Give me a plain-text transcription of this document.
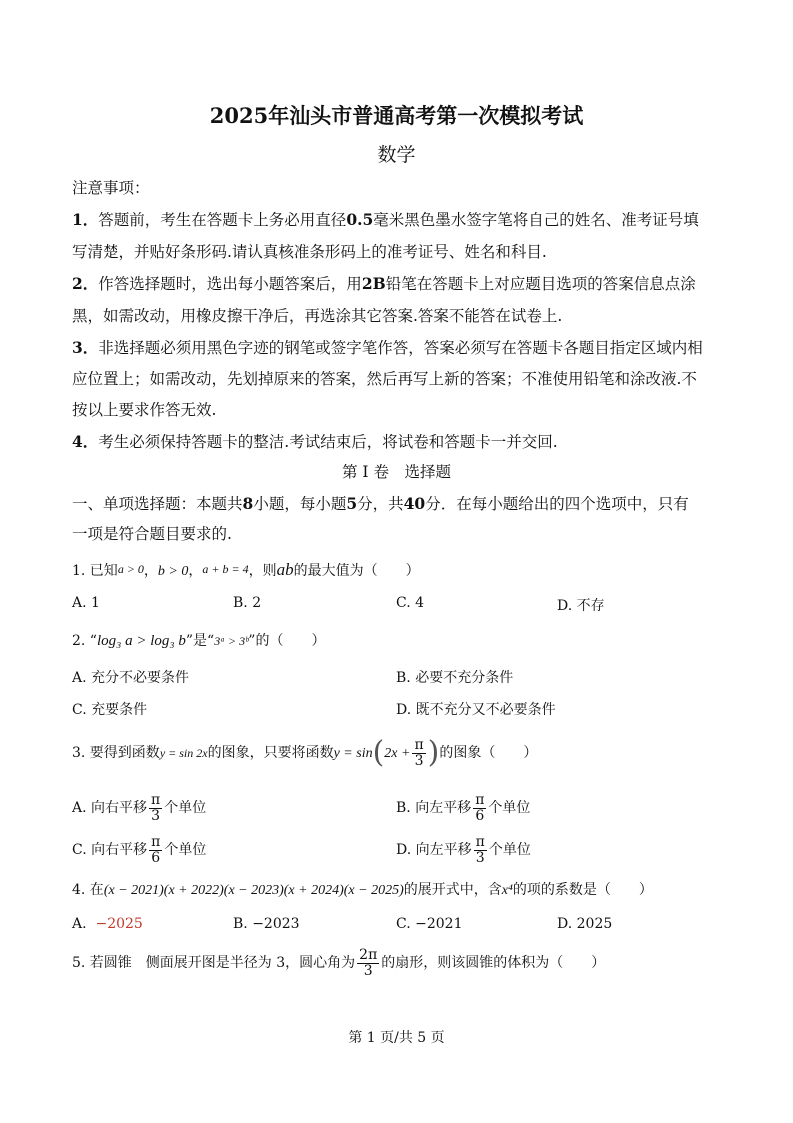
2025年汕头市普通高考第一次模拟考试
数学
注意事项：
1．答题前，考生在答题卡上务必用直径0.5毫米黑色墨水签字笔将自己的姓名、准考证号填
写清楚，并贴好条形码.请认真核准条形码上的准考证号、姓名和科目.
2．作答选择题时，选出每小题答案后，用2B铅笔在答题卡上对应题目选项的答案信息点涂
黑，如需改动，用橡皮擦干净后，再选涂其它答案.答案不能答在试卷上.
3．非选择题必须用黑色字迹的钢笔或签字笔作答，答案必须写在答题卡各题目指定区域内相
应位置上；如需改动，先划掉原来的答案，然后再写上新的答案；不准使用铅笔和涂改液.不
按以上要求作答无效.
4．考生必须保持答题卡的整洁.考试结束后，将试卷和答题卡一并交回.
第 I 卷　选择题
一、单项选择题：本题共8小题，每小题5分，共40分．在每小题给出的四个选项中，只有
一项是符合题目要求的.
1. 已知a > 0，b > 0，a + b = 4，则ab的最大值为（　　）
A. 1	B. 2	C. 4	D. 不存
2. “log₃ a > log₃ b”是“3ᵃ > 3ᵇ”的（　　）
A. 充分不必要条件	B. 必要不充分条件
C. 充要条件	D. 既不充分又不必要条件
3. 要得到函数y = sin 2x的图象，只要将函数$y = \sin(2x + \frac{\pi}{3}$ )的图象（　　）
A. 向右平移 $\frac{\pi}{3}$ 个单位	B. 向左平移 $\frac{\pi}{6}$ 个单位
C. 向右平移 $\frac{\pi}{6}$ 个单位	D. 向左平移 $\frac{\pi}{3}$ 个单位
4. 在(x − 2021)(x + 2022)(x − 2023)(x + 2024)(x − 2025)的展开式中，含x⁴的项的系数是（　　）
A. −2025	B. −2023	C. −2021	D. 2025
5. 若圆锥　侧面展开图是半径为 3，圆心角为 $\frac{2\pi}{3}$ 的扇形，则该圆锥的体积为（　　）
第 1 页/共 5 页
